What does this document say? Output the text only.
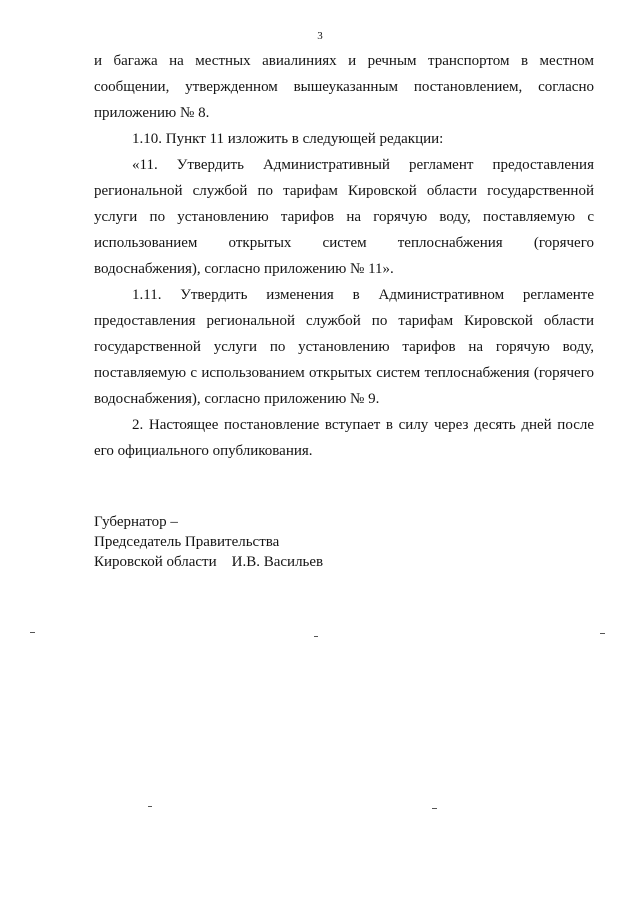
3

и багажа на местных авиалиниях и речным транспортом в местном сообщении, утвержденном вышеуказанным постановлением, согласно приложению № 8.

1.10. Пункт 11 изложить в следующей редакции:

«11. Утвердить Административный регламент предоставления региональной службой по тарифам Кировской области государственной услуги по установлению тарифов на горячую воду, поставляемую с использованием открытых систем теплоснабжения (горячего водоснабжения), согласно приложению № 11».

1.11. Утвердить изменения в Административном регламенте предоставления региональной службой по тарифам Кировской области государственной услуги по установлению тарифов на горячую воду, поставляемую с использованием открытых систем теплоснабжения (горячего водоснабжения), согласно приложению № 9.

2. Настоящее постановление вступает в силу через десять дней после его официального опубликования.

Губернатор –
Председатель Правительства
Кировской области    И.В. Васильев
